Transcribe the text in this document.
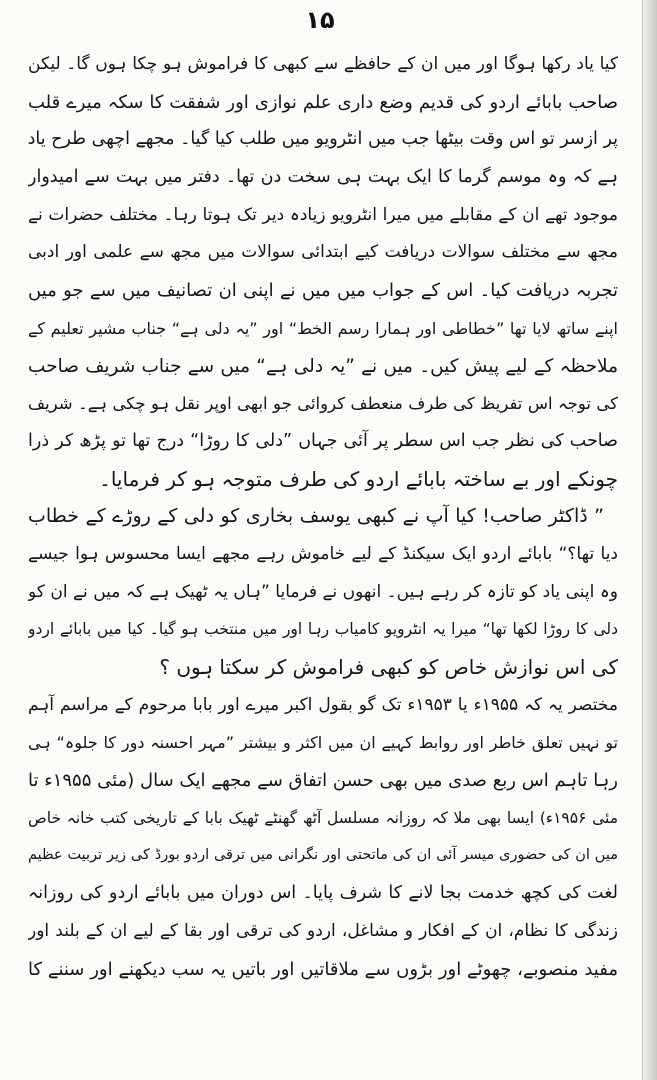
۱۵
کیا یاد رکھا ہوگا اور میں ان کے حافظے سے کبھی کا فراموش ہو چکا ہوں گا۔ لیکن
صاحب بابائے اردو کی قدیم وضع داری علم نوازی اور شفقت کا سکہ میرے قلب
پر ازسر تو اس وقت بیٹھا جب میں انٹرویو میں طلب کیا گیا۔ مجھے اچھی طرح یاد
ہے کہ وہ موسم گرما کا ایک بہت ہی سخت دن تھا۔ دفتر میں بہت سے امیدوار
موجود تھے ان کے مقابلے میں میرا انٹرویو زیادہ دیر تک ہوتا رہا۔ مختلف حضرات نے
مجھ سے مختلف سوالات دریافت کیے ابتدائی سوالات میں مجھ سے علمی اور ادبی
تجربہ دریافت کیا۔ اس کے جواب میں میں نے اپنی ان تصانیف میں سے جو میں
اپنے ساتھ لایا تھا ”خطاطی اور ہمارا رسم الخط“ اور ”یہ دلی ہے“ جناب مشیر تعلیم کے
ملاحظہ کے لیے پیش کیں۔ میں نے ”یہ دلی ہے“ میں سے جناب شریف صاحب
کی توجہ اس تفریظ کی طرف منعطف کروائی جو ابھی اوپر نقل ہو چکی ہے۔ شریف
صاحب کی نظر جب اس سطر پر آئی جہاں ”دلی کا روڑا“ درج تھا تو پڑھ کر ذرا
چونکے اور بے ساختہ بابائے اردو کی طرف متوجہ ہو کر فرمایا۔
” ڈاکٹر صاحب! کیا آپ نے کبھی یوسف بخاری کو دلی کے روڑے کے خطاب
دیا تھا؟“ بابائے اردو ایک سیکنڈ کے لیے خاموش رہے مجھے ایسا محسوس ہوا جیسے
وہ اپنی یاد کو تازہ کر رہے ہیں۔ انھوں نے فرمایا ”ہاں یہ ٹھیک ہے کہ میں نے ان کو
دلی کا روڑا لکھا تھا“ میرا یہ انٹرویو کامیاب رہا اور میں منتخب ہو گیا۔ کیا میں بابائے اردو
کی اس نوازش خاص کو کبھی فراموش کر سکتا ہوں ؟
مختصر یہ کہ ۱۹۵۵ء یا ۱۹۵۳ء تک گو بقول اکبر میرے اور بابا مرحوم کے مراسم آہم
تو نہیں تعلق خاطر اور روابط کہیے ان میں اکثر و بیشتر ”مہر احسنہ دور کا جلوہ“ ہی
رہا تاہم اس ربع صدی میں بھی حسن اتفاق سے مجھے ایک سال (مئی ۱۹۵۵ء تا
مئی ۱۹۵۶ء) ایسا بھی ملا کہ روزانہ مسلسل آٹھ گھنٹے ٹھیک بابا کے تاریخی کتب خانہ خاص
میں ان کی حضوری میسر آئی ان کی ماتحتی اور نگرانی میں ترقی اردو بورڈ کی زیر تربیت عظیم
لغت کی کچھ خدمت بجا لانے کا شرف پایا۔ اس دوران میں بابائے اردو کی روزانہ
زندگی کا نظام، ان کے افکار و مشاغل، اردو کی ترقی اور بقا کے لیے ان کے بلند اور
مفید منصوبے، چھوٹے اور بڑوں سے ملاقاتیں اور باتیں یہ سب دیکھنے اور سننے کا
